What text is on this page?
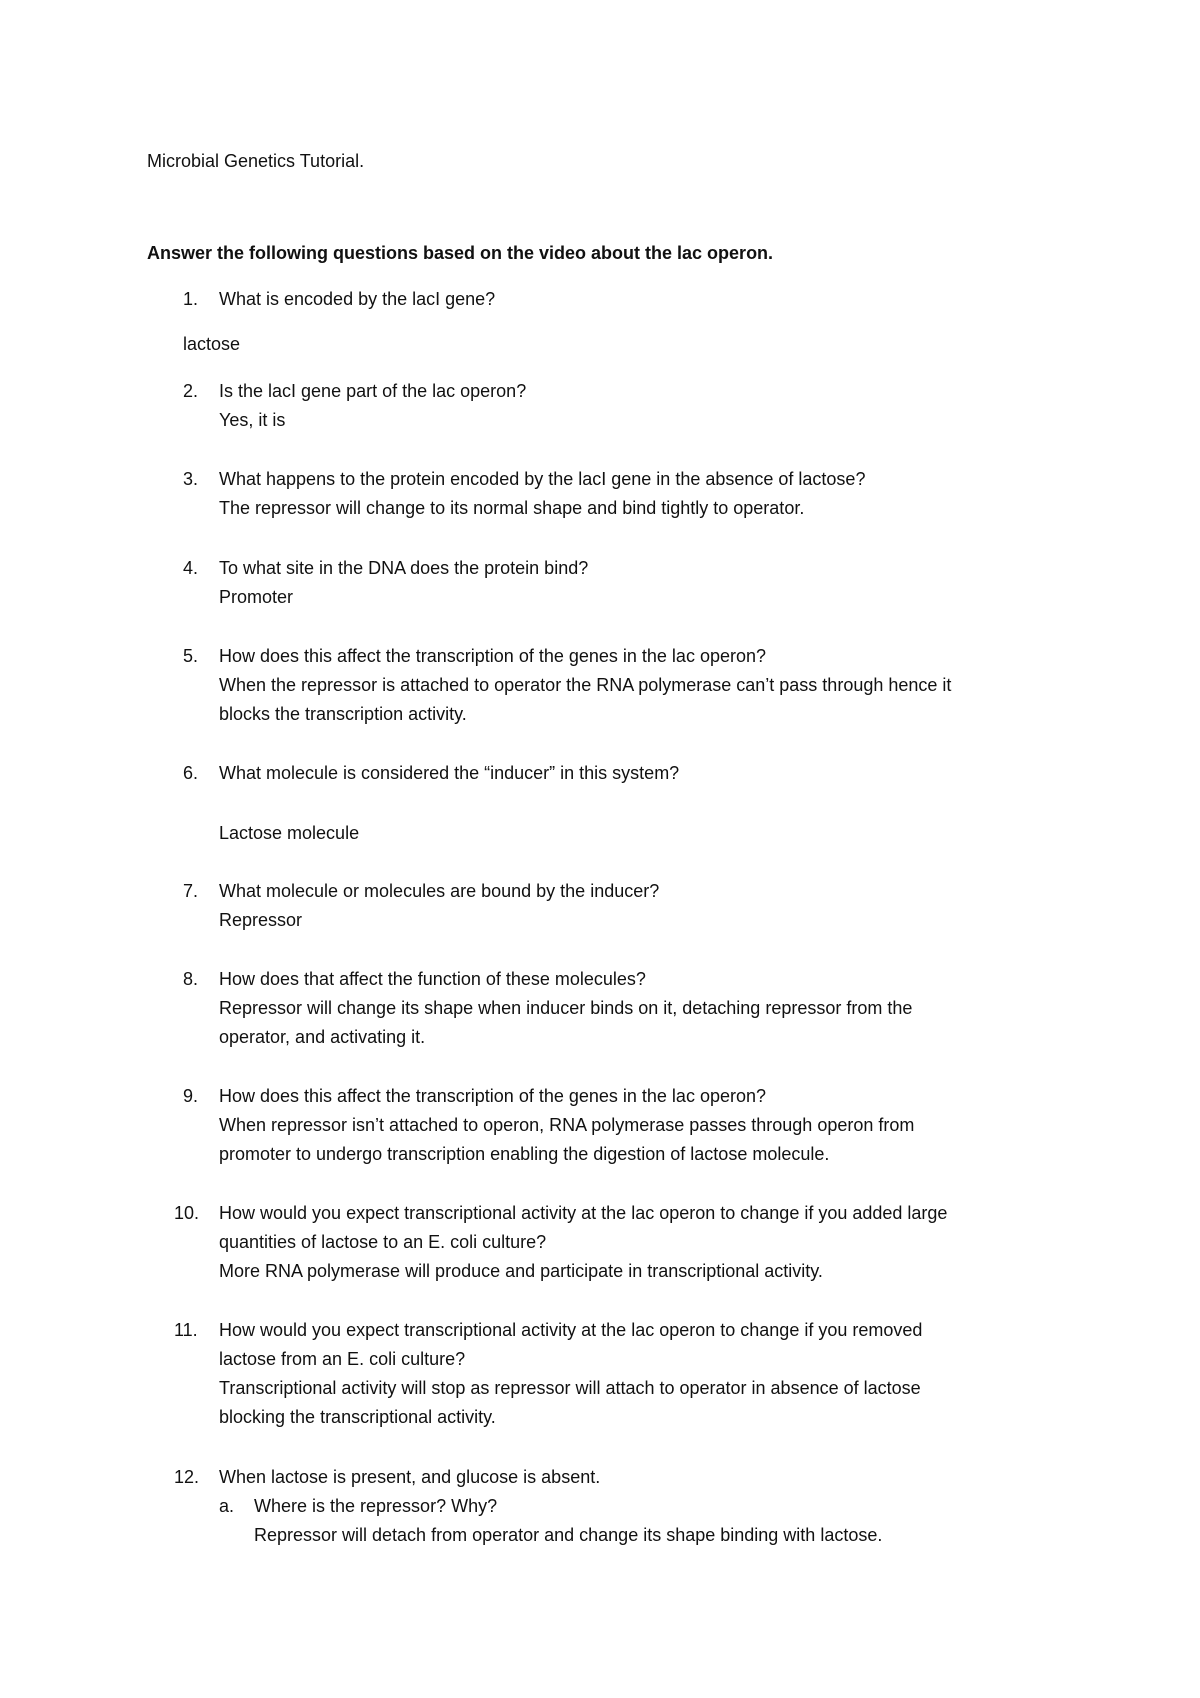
Microbial Genetics Tutorial.
Answer the following questions based on the video about the lac operon.
1. What is encoded by the lacI gene?
lactose
2. Is the lacI gene part of the lac operon?
Yes, it is
3. What happens to the protein encoded by the lacI gene in the absence of lactose?
The repressor will change to its normal shape and bind tightly to operator.
4. To what site in the DNA does the protein bind?
Promoter
5. How does this affect the transcription of the genes in the lac operon?
When the repressor is attached to operator the RNA polymerase can’t pass through hence it
blocks the transcription activity.
6. What molecule is considered the “inducer” in this system?
Lactose molecule
7. What molecule or molecules are bound by the inducer?
Repressor
8. How does that affect the function of these molecules?
Repressor will change its shape when inducer binds on it, detaching repressor from the
operator, and activating it.
9. How does this affect the transcription of the genes in the lac operon?
When repressor isn’t attached to operon, RNA polymerase passes through operon from
promoter to undergo transcription enabling the digestion of lactose molecule.
10. How would you expect transcriptional activity at the lac operon to change if you added large
quantities of lactose to an E. coli culture?
More RNA polymerase will produce and participate in transcriptional activity.
11. How would you expect transcriptional activity at the lac operon to change if you removed
lactose from an E. coli culture?
Transcriptional activity will stop as repressor will attach to operator in absence of lactose
blocking the transcriptional activity.
12. When lactose is present, and glucose is absent.
a. Where is the repressor? Why?
Repressor will detach from operator and change its shape binding with lactose.
